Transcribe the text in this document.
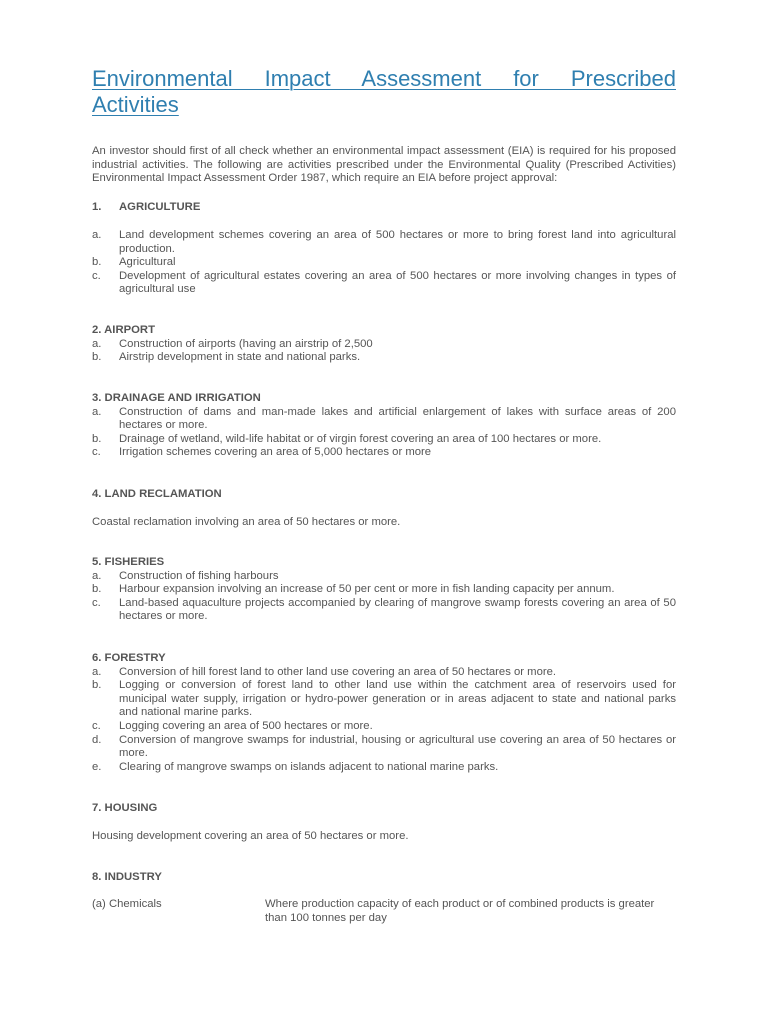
Environmental Impact Assessment for Prescribed
Activities
An investor should first of all check whether an environmental impact assessment (EIA) is required for his proposed industrial activities. The following are activities prescribed under the Environmental Quality (Prescribed Activities) Environmental Impact Assessment Order 1987, which require an EIA before project approval:
1. AGRICULTURE
a. Land development schemes covering an area of 500 hectares or more to bring forest land into agricultural production.
b. Agricultural
c. Development of agricultural estates covering an area of 500 hectares or more involving changes in types of agricultural use
2. AIRPORT
a. Construction of airports (having an airstrip of 2,500
b. Airstrip development in state and national parks.
3. DRAINAGE AND IRRIGATION
a. Construction of dams and man-made lakes and artificial enlargement of lakes with surface areas of 200 hectares or more.
b. Drainage of wetland, wild-life habitat or of virgin forest covering an area of 100 hectares or more.
c. Irrigation schemes covering an area of 5,000 hectares or more
4. LAND RECLAMATION
Coastal reclamation involving an area of 50 hectares or more.
5. FISHERIES
a. Construction of fishing harbours
b. Harbour expansion involving an increase of 50 per cent or more in fish landing capacity per annum.
c. Land-based aquaculture projects accompanied by clearing of mangrove swamp forests covering an area of 50 hectares or more.
6. FORESTRY
a. Conversion of hill forest land to other land use covering an area of 50 hectares or more.
b. Logging or conversion of forest land to other land use within the catchment area of reservoirs used for municipal water supply, irrigation or hydro-power generation or in areas adjacent to state and national parks and national marine parks.
c. Logging covering an area of 500 hectares or more.
d. Conversion of mangrove swamps for industrial, housing or agricultural use covering an area of 50 hectares or more.
e. Clearing of mangrove swamps on islands adjacent to national marine parks.
7. HOUSING
Housing development covering an area of 50 hectares or more.
8. INDUSTRY
(a) Chemicals	Where production capacity of each product or of combined products is greater than 100 tonnes per day
